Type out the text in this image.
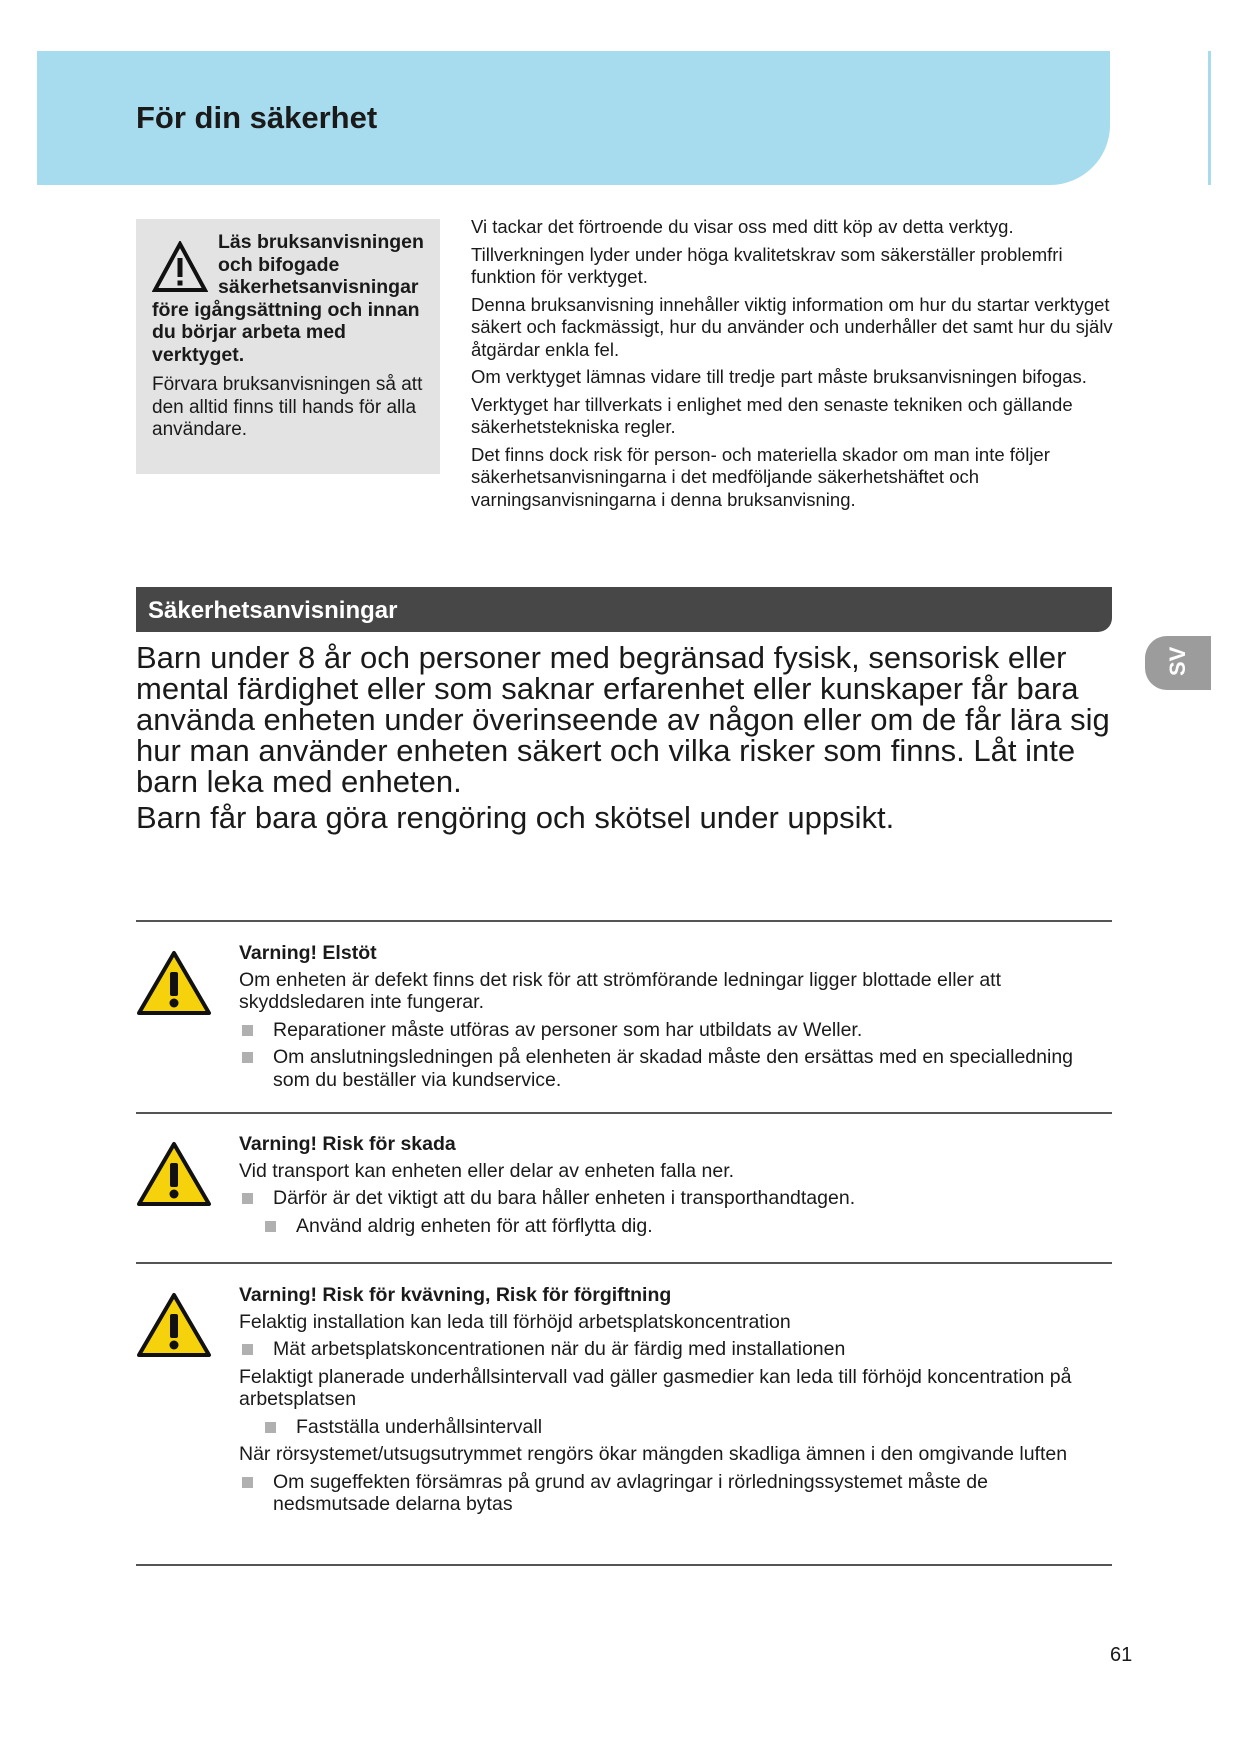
För din säkerhet
SV

Läs bruksanvisningen och bifogade säkerhetsanvisningar före igångsättning och innan du börjar arbeta med verktyget.

Förvara bruksanvisningen så att den alltid finns till hands för alla användare.

Vi tackar det förtroende du visar oss med ditt köp av detta verktyg.

Tillverkningen lyder under höga kvalitetskrav som säkerställer problemfri funktion för verktyget.

Denna bruksanvisning innehåller viktig information om hur du startar verktyget säkert och fackmässigt, hur du använder och underhåller det samt hur du själv åtgärdar enkla fel.

Om verktyget lämnas vidare till tredje part måste bruksanvisningen bifogas.

Verktyget har tillverkats i enlighet med den senaste tekniken och gällande säkerhetstekniska regler.

Det finns dock risk för person- och materiella skador om man inte följer säkerhetsanvisningarna i det medföljande säkerhetshäftet och varningsanvisningarna i denna bruksanvisning.

Säkerhetsanvisningar

Barn under 8 år och personer med begränsad fysisk, sensorisk eller mental färdighet eller som saknar erfarenhet eller kunskaper får bara använda enheten under överinseende av någon eller om de får lära sig hur man använder enheten säkert och vilka risker som finns. Låt inte barn leka med enheten.

Barn får bara göra rengöring och skötsel under uppsikt.

Varning! Elstöt

Om enheten är defekt finns det risk för att strömförande ledningar ligger blottade eller att skyddsledaren inte fungerar.

Reparationer måste utföras av personer som har utbildats av Weller.

Om anslutningsledningen på elenheten är skadad måste den ersättas med en specialledning som du beställer via kundservice.

Varning! Risk för skada

Vid transport kan enheten eller delar av enheten falla ner.

Därför är det viktigt att du bara håller enheten i transporthandtagen.

Använd aldrig enheten för att förflytta dig.

Varning! Risk för kvävning, Risk för förgiftning

Felaktig installation kan leda till förhöjd arbetsplatskoncentration

Mät arbetsplatskoncentrationen när du är färdig med installationen

Felaktigt planerade underhållsintervall vad gäller gasmedier kan leda till förhöjd koncentration på arbetsplatsen

Fastställa underhållsintervall

När rörsystemet/utsugsutrymmet rengörs ökar mängden skadliga ämnen i den omgivande luften

Om sugeffekten försämras på grund av avlagringar i rörledningssystemet måste de nedsmutsade delarna bytas

61
